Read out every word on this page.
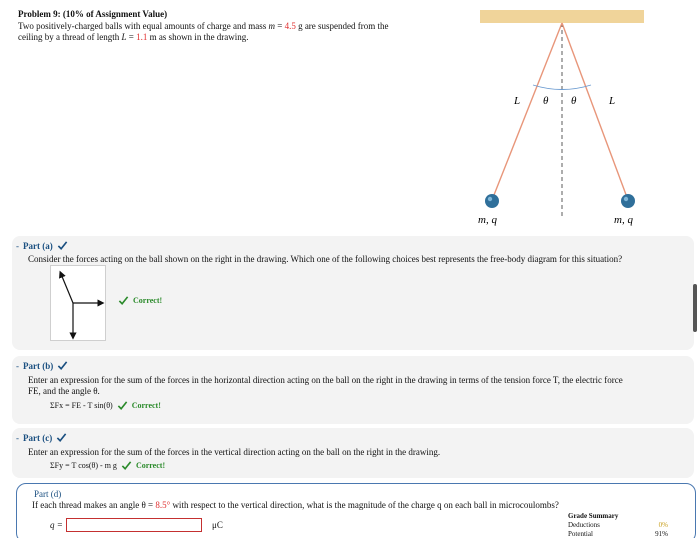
Problem 9: (10% of Assignment Value)
Two positively-charged balls with equal amounts of charge and mass m = 4.5 g are suspended from the
ceiling by a thread of length L = 1.1 m as shown in the drawing.
L θ θ	L
m, q	m, q
- Part (a)
Consider the forces acting on the ball shown on the right in the drawing. Which one of the following choices best represents the free-body diagram for this situation?
Correct!
- Part (b)
Enter an expression for the sum of the forces in the horizontal direction acting on the ball on the right in the drawing in terms of the tension force T, the electric force
FE, and the angle θ.
ΣFx = FE - T sin(θ) Correct!
- Part (c)
Enter an expression for the sum of the forces in the vertical direction acting on the ball on the right in the drawing.
ΣFy = T cos(θ) - m g Correct!
Part (d)
If each thread makes an angle θ = 8.5° with respect to the vertical direction, what is the magnitude of the charge q on each ball in microcoulombs?
q =	μC
Grade Summary
Deductions	0%
Potential	91%
